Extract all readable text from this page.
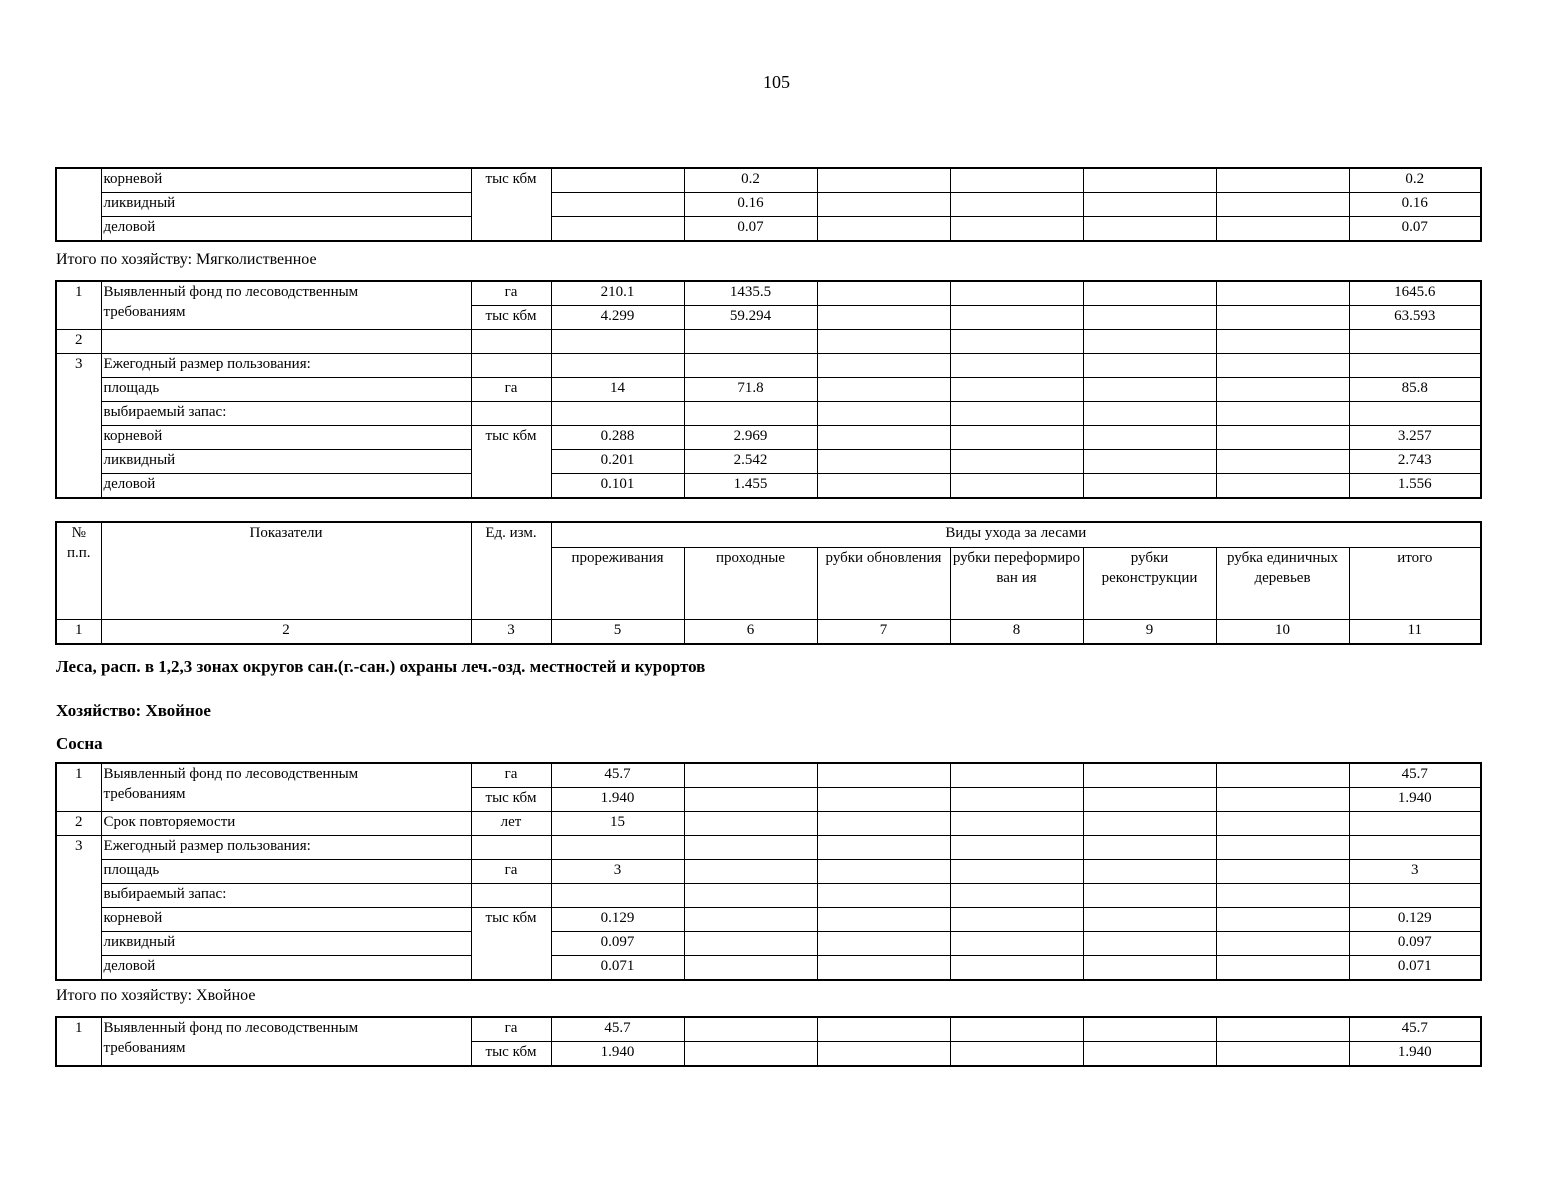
105
	корневой	тыс кбм		0.2					0.2
	ликвидный			0.16					0.16
	деловой			0.07					0.07
Итого по хозяйству: Мягколиственное
1	Выявленный фонд по лесоводственным
требованиям	га	210.1	1435.5					1645.6
		тыс кбм	4.299	59.294					63.593
2									
3	Ежегодный размер пользования:								
	площадь	га	14	71.8					85.8
	выбираемый запас:								
	корневой	тыс кбм	0.288	2.969					3.257
	ликвидный		0.201	2.542					2.743
	деловой		0.101	1.455					1.556
№
п.п.	Показатели	Ед. изм.	Виды ухода за лесами						
			прореживания	проходные	рубки обновления	рубки переформирован ия	рубки реконструкции	рубка единичных деревьев	итого
1	2	3	5	6	7	8	9	10	11
Леса, расп. в 1,2,3 зонах округов сан.(г.-сан.) охраны леч.-озд. местностей и курортов
Хозяйство: Хвойное
Сосна
1	Выявленный фонд по лесоводственным
требованиям	га	45.7						45.7
		тыс кбм	1.940						1.940
2	Срок повторяемости	лет	15						
3	Ежегодный размер пользования:								
	площадь	га	3						3
	выбираемый запас:								
	корневой	тыс кбм	0.129						0.129
	ликвидный		0.097						0.097
	деловой		0.071						0.071
Итого по хозяйству: Хвойное
1	Выявленный фонд по лесоводственным
требованиям	га	45.7						45.7
		тыс кбм	1.940						1.940
